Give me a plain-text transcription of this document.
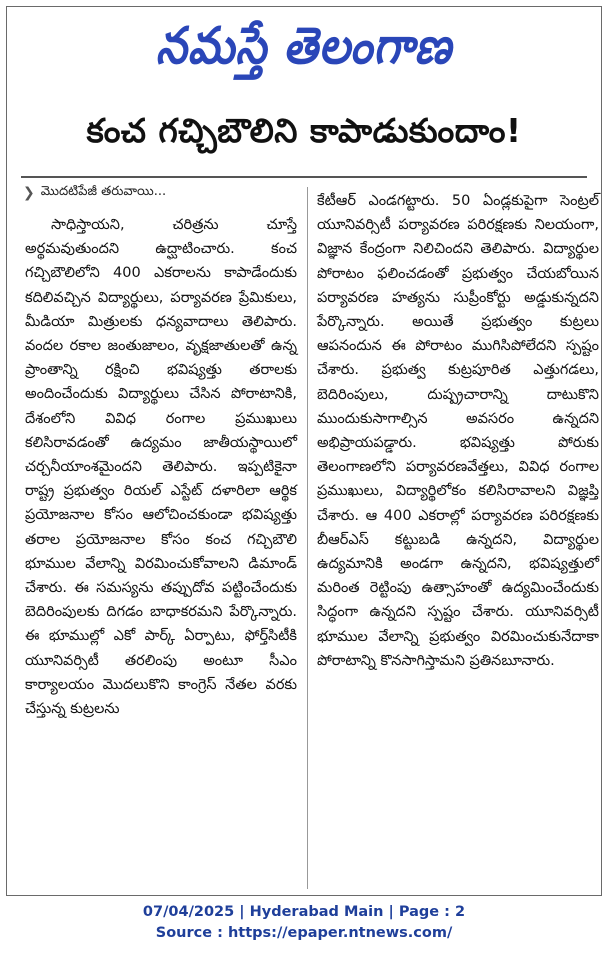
నమస్తే తెలంగాణ
కంచ గచ్చిబౌలిని కాపాడుకుందాం!
❯ మొదటిపేజీ తరువాయి...
సాధిస్తాయని, చరిత్రను చూస్తే అర్థమవుతుందని ఉద్ఘాటించారు. కంచ గచ్చిబౌలిలోని 400 ఎకరాలను కాపాడేందుకు కదిలివచ్చిన విద్యార్థులు, పర్యావరణ ప్రేమికులు, మీడియా మిత్రులకు ధన్యవాదాలు తెలిపారు. వందల రకాల జంతుజాలం, వృక్షజాతులతో ఉన్న ప్రాంతాన్ని రక్షించి భవిష్యత్తు తరాలకు అందించేందుకు విద్యార్థులు చేసిన పోరాటానికి, దేశంలోని వివిధ రంగాల ప్రముఖులు కలిసిరావడంతో ఉద్యమం జాతీయస్థాయిలో చర్చనీయాంశమైందని తెలిపారు. ఇప్పటికైనా రాష్ట్ర ప్రభుత్వం రియల్ ఎస్టేట్ దళారిలా ఆర్థిక ప్రయోజనాల కోసం ఆలోచించకుండా భవిష్యత్తు తరాల ప్రయోజనాల కోసం కంచ గచ్చిబౌలి భూముల వేలాన్ని విరమించుకోవాలని డిమాండ్ చేశారు. ఈ సమస్యను తప్పుదోవ పట్టించేందుకు బెదిరింపులకు దిగడం బాధాకరమని పేర్కొన్నారు. ఈ భూముల్లో ఎకో పార్క్ ఏర్పాటు, ఫోర్త్‌సిటీకి యూనివర్సిటీ తరలింపు అంటూ సీఎం కార్యాలయం మొదలుకొని కాంగ్రెస్ నేతల వరకు చేస్తున్న కుట్రలను
కేటీఆర్ ఎండగట్టారు. 50 ఏండ్లకుపైగా సెంట్రల్ యూనివర్సిటీ పర్యావరణ పరిరక్షణకు నిలయంగా, విజ్ఞాన కేంద్రంగా నిలిచిందని తెలిపారు. విద్యార్థుల పోరాటం ఫలించడంతో ప్రభుత్వం చేయబోయిన పర్యావరణ హత్యను సుప్రీంకోర్టు అడ్డుకున్నదని పేర్కొన్నారు. అయితే ప్రభుత్వం కుట్రలు ఆపనందున ఈ పోరాటం ముగిసిపోలేదని స్పష్టం చేశారు. ప్రభుత్వ కుట్రపూరిత ఎత్తుగడలు, బెదిరింపులు, దుష్ప్రచారాన్ని దాటుకొని ముందుకుసాగాల్సిన అవసరం ఉన్నదని అభిప్రాయపడ్డారు. భవిష్యత్తు పోరుకు తెలంగాణలోని పర్యావరణవేత్తలు, వివిధ రంగాల ప్రముఖులు, విద్యార్థిలోకం కలిసిరావాలని విజ్ఞప్తి చేశారు. ఆ 400 ఎకరాల్లో పర్యావరణ పరిరక్షణకు బీఆర్ఎస్ కట్టుబడి ఉన్నదని, విద్యార్థుల ఉద్యమానికి అండగా ఉన్నదని, భవిష్యత్తులో మరింత రెట్టింపు ఉత్సాహంతో ఉద్యమించేందుకు సిద్ధంగా ఉన్నదని స్పష్టం చేశారు. యూనివర్సిటీ భూముల వేలాన్ని ప్రభుత్వం విరమించుకునేదాకా పోరాటాన్ని కొనసాగిస్తామని ప్రతినబూనారు.
07/04/2025 | Hyderabad Main | Page : 2
Source : https://epaper.ntnews.com/
